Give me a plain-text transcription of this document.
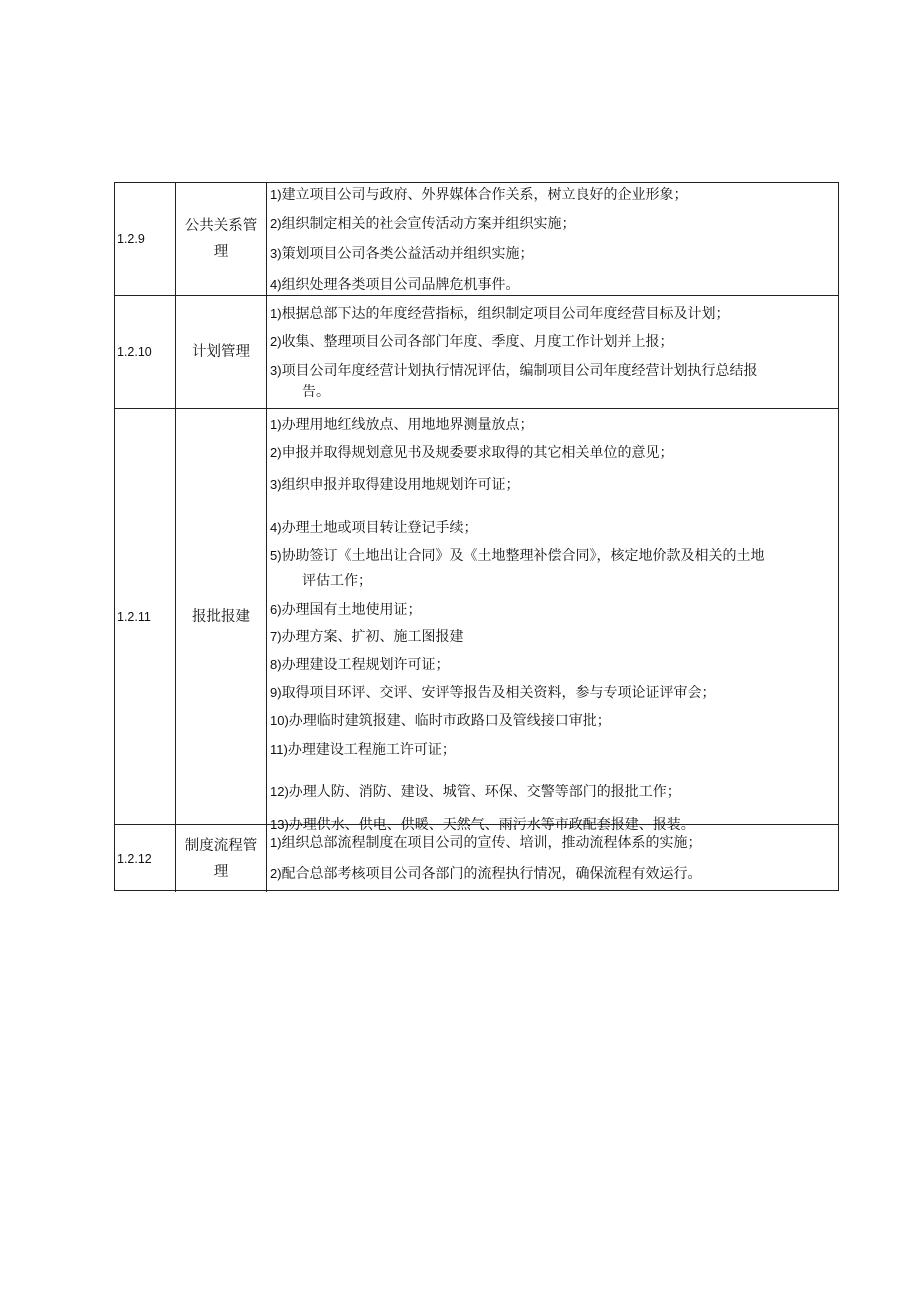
1.2.9
公共关系管理
1)建立项目公司与政府、外界媒体合作关系，树立良好的企业形象；
2)组织制定相关的社会宣传活动方案并组织实施；
3)策划项目公司各类公益活动并组织实施；
4)组织处理各类项目公司品牌危机事件。
1.2.10	计划管理
1)根据总部下达的年度经营指标，组织制定项目公司年度经营目标及计划；
2)收集、整理项目公司各部门年度、季度、月度工作计划并上报；
3)项目公司年度经营计划执行情况评估，编制项目公司年度经营计划执行总结报
告。
1.2.11	报批报建
1)办理用地红线放点、用地地界测量放点；
2)申报并取得规划意见书及规委要求取得的其它相关单位的意见；
3)组织申报并取得建设用地规划许可证；
4)办理土地或项目转让登记手续；
5)协助签订《土地出让合同》及《土地整理补偿合同》，核定地价款及相关的土地
评估工作；
6)办理国有土地使用证；
7)办理方案、扩初、施工图报建
8)办理建设工程规划许可证；
9)取得项目环评、交评、安评等报告及相关资料，参与专项论证评审会；
10)办理临时建筑报建、临时市政路口及管线接口审批；
11)办理建设工程施工许可证；
12)办理人防、消防、建设、城管、环保、交警等部门的报批工作；
13)办理供水、供电、供暖、天然气、雨污水等市政配套报建、报装。
1.2.12
制度流程管理
1)组织总部流程制度在项目公司的宣传、培训，推动流程体系的实施；
2)配合总部考核项目公司各部门的流程执行情况，确保流程有效运行。
